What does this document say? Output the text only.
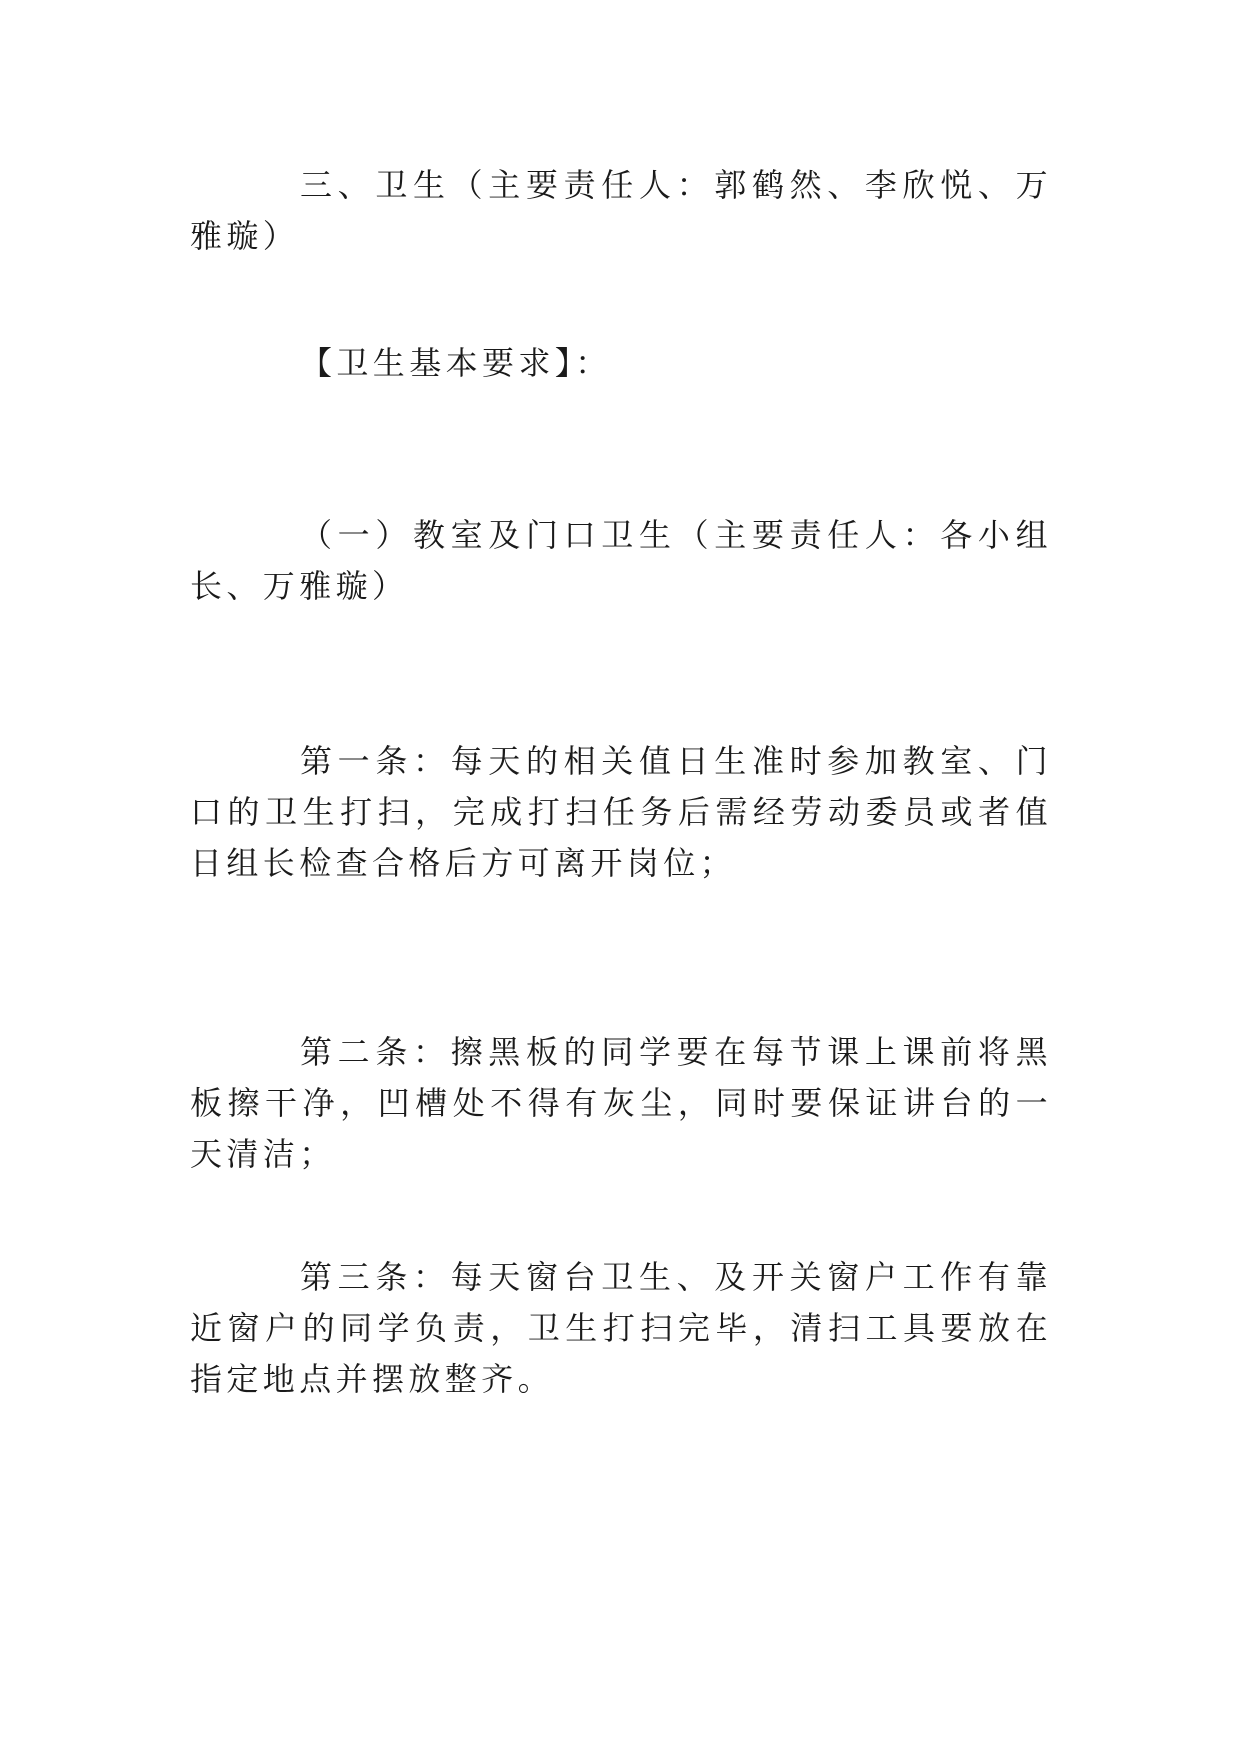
三、卫生（主要责任人：郭鹤然、李欣悦、万雅璇）

【卫生基本要求】：

（一）教室及门口卫生（主要责任人：各小组长、万雅璇）

第一条：每天的相关值日生准时参加教室、门口的卫生打扫，完成打扫任务后需经劳动委员或者值日组长检查合格后方可离开岗位；

第二条：擦黑板的同学要在每节课上课前将黑板擦干净，凹槽处不得有灰尘，同时要保证讲台的一天清洁；

第三条：每天窗台卫生、及开关窗户工作有靠近窗户的同学负责，卫生打扫完毕，清扫工具要放在指定地点并摆放整齐。
